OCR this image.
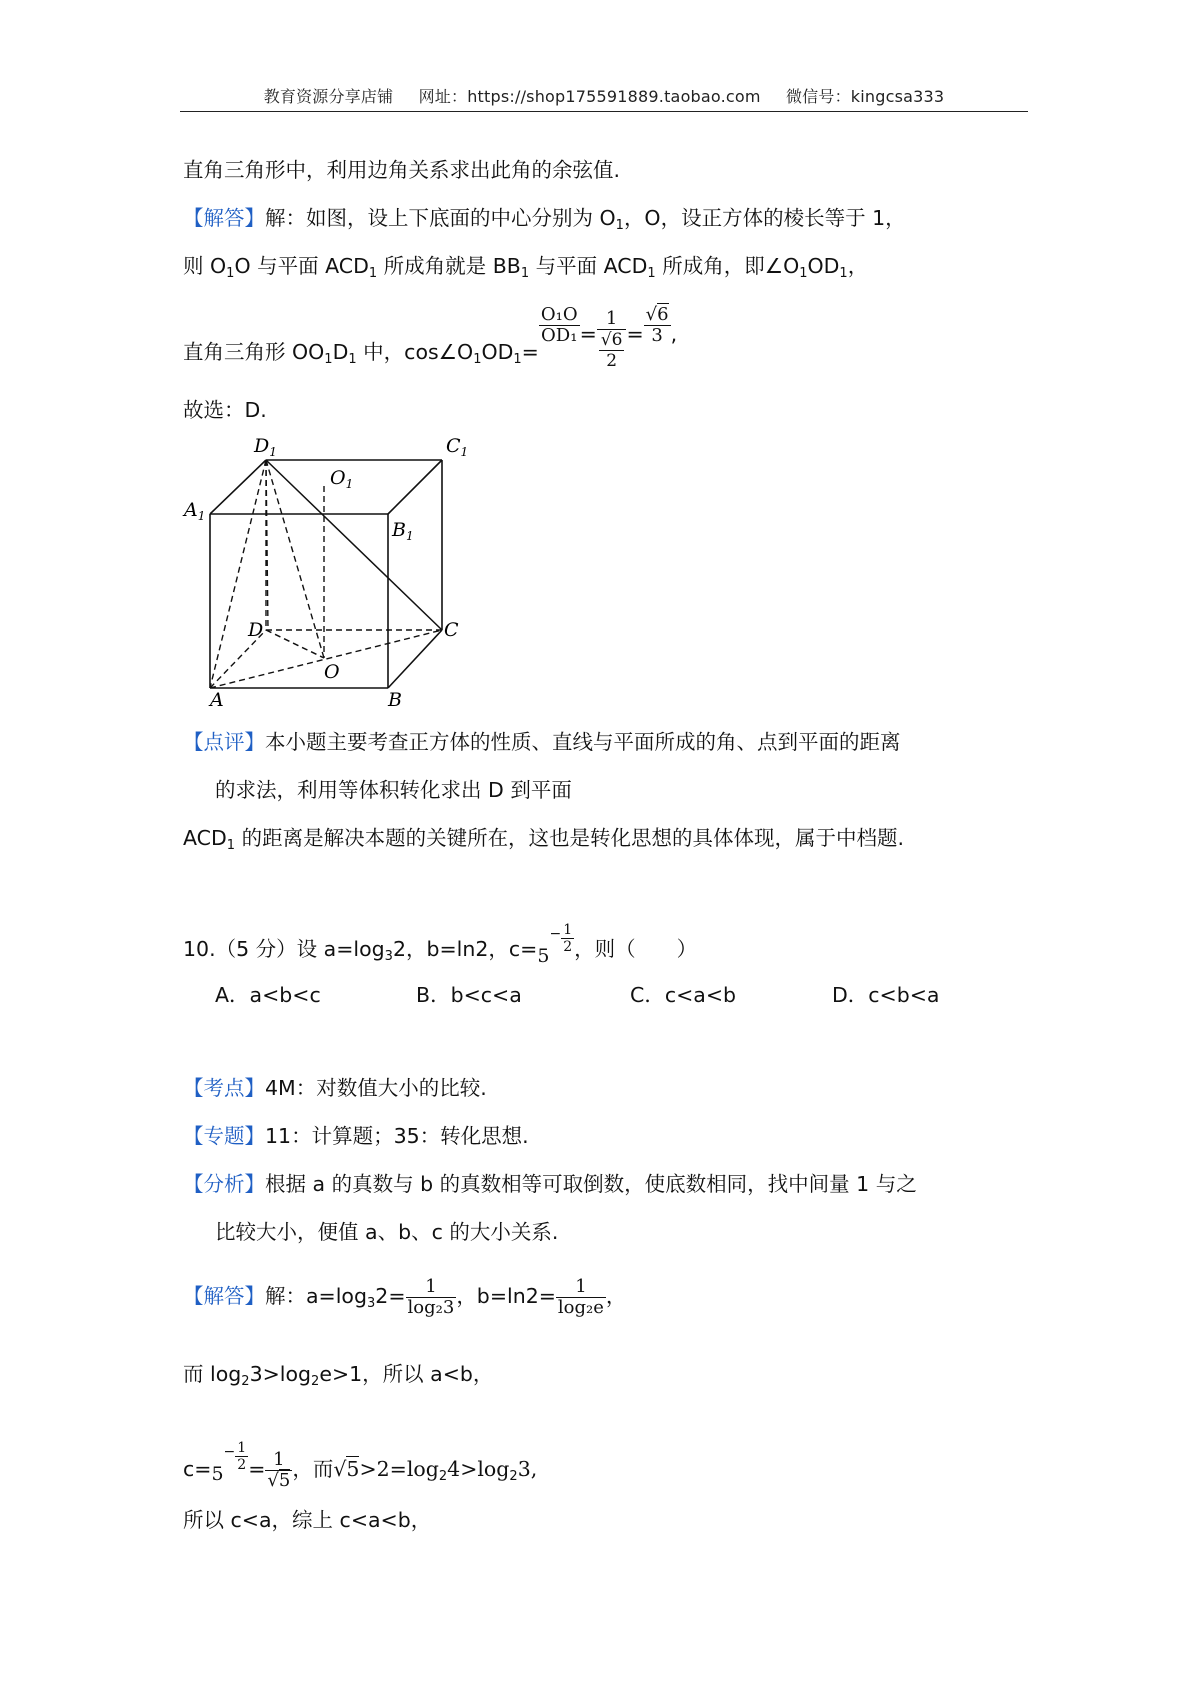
教育资源分享店铺 网址：https://shop175591889.taobao.com 微信号：kingcsa333
直角三角形中，利用边角关系求出此角的余弦值.
【解答】解：如图，设上下底面的中心分别为 $O_1$，O，设正方体的棱长等于 1，
则 $O_1O$ 与平面 $ACD_1$ 所成角就是 $BB_1$ 与平面 $ACD_1$ 所成角，即$\angle O_1OD_1$，
直角三角形 $OO_1D_1$ 中，$\cos\angle O_1OD_1=$
$\frac{\text{O₁O}}{\text{OD₁}} = \frac{1}{\frac{√6}{2}} = \frac{√6}{3}$ ,
故选：D.
$D_1$	$C_1$
$O_1$
$A_1$
$B_1$
D	C
O
A	B
【点评】本小题主要考查正方体的性质、直线与平面所成的角、点到平面的距离
的求法，利用等体积转化求出 D 到平面
$ACD_1$ 的距离是解决本题的关键所在，这也是转化思想的具体体现，属于中档题.
10.（5 分）设 $a=\log_32$，b=ln2，$c=5- \frac{1}{2}$ ，则（　　）
A．a<b<c	B．b<c<a	C．c<a<b	D．c<b<a
【考点】4M：对数值大小的比较.
【专题】11：计算题；35：转化思想.
【分析】根据 a 的真数与 b 的真数相等可取倒数，使底数相同，找中间量 1 与之
比较大小，便值 a、b、c 的大小关系.
【解答】解：$a=\log_32= \frac{1}{\text{log₂3}}$ ，$b=\ln 2= \frac{1}{\text{log₂e}}$ ，
而 $\log_23>\log_2e>1$，所以 a<b，
$c=5- \frac{1}{2} = \frac{1}{√5}$ ，而$√5>2=\log_24>\log_23$,
所以 c<a，综上 c<a<b，
